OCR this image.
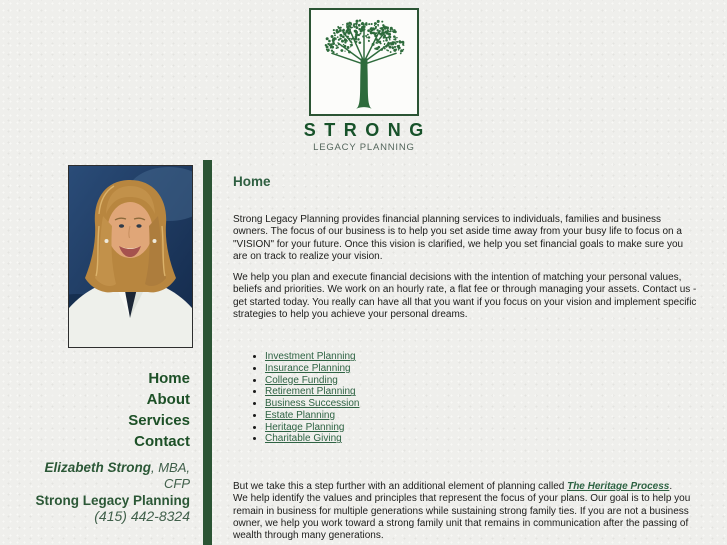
STRONG
LEGACY PLANNING
Home
About
Services
Contact
Elizabeth Strong, MBA,
CFP
Strong Legacy Planning
(415) 442-8324
Home

Strong Legacy Planning provides financial planning services to individuals, families and business owners. The focus of our business is to help you set aside time away from your busy life to focus on a "VISION" for your future. Once this vision is clarified, we help you set financial goals to make sure you are on track to realize your vision.

We help you plan and execute financial decisions with the intention of matching your personal values, beliefs and priorities. We work on an hourly rate, a flat fee or through managing your assets. Contact us - get started today. You really can have all that you want if you focus on your vision and implement specific strategies to help you achieve your personal dreams.

• Investment Planning
• Insurance Planning
• College Funding
• Retirement Planning
• Business Succession
• Estate Planning
• Heritage Planning
• Charitable Giving

But we take this a step further with an additional element of planning called The Heritage Process.

We help identify the values and principles that represent the focus of your plans. Our goal is to help you remain in business for multiple generations while sustaining strong family ties. If you are not a business owner, we help you work toward a strong family unit that remains in communication after the passing of wealth through many generations.
